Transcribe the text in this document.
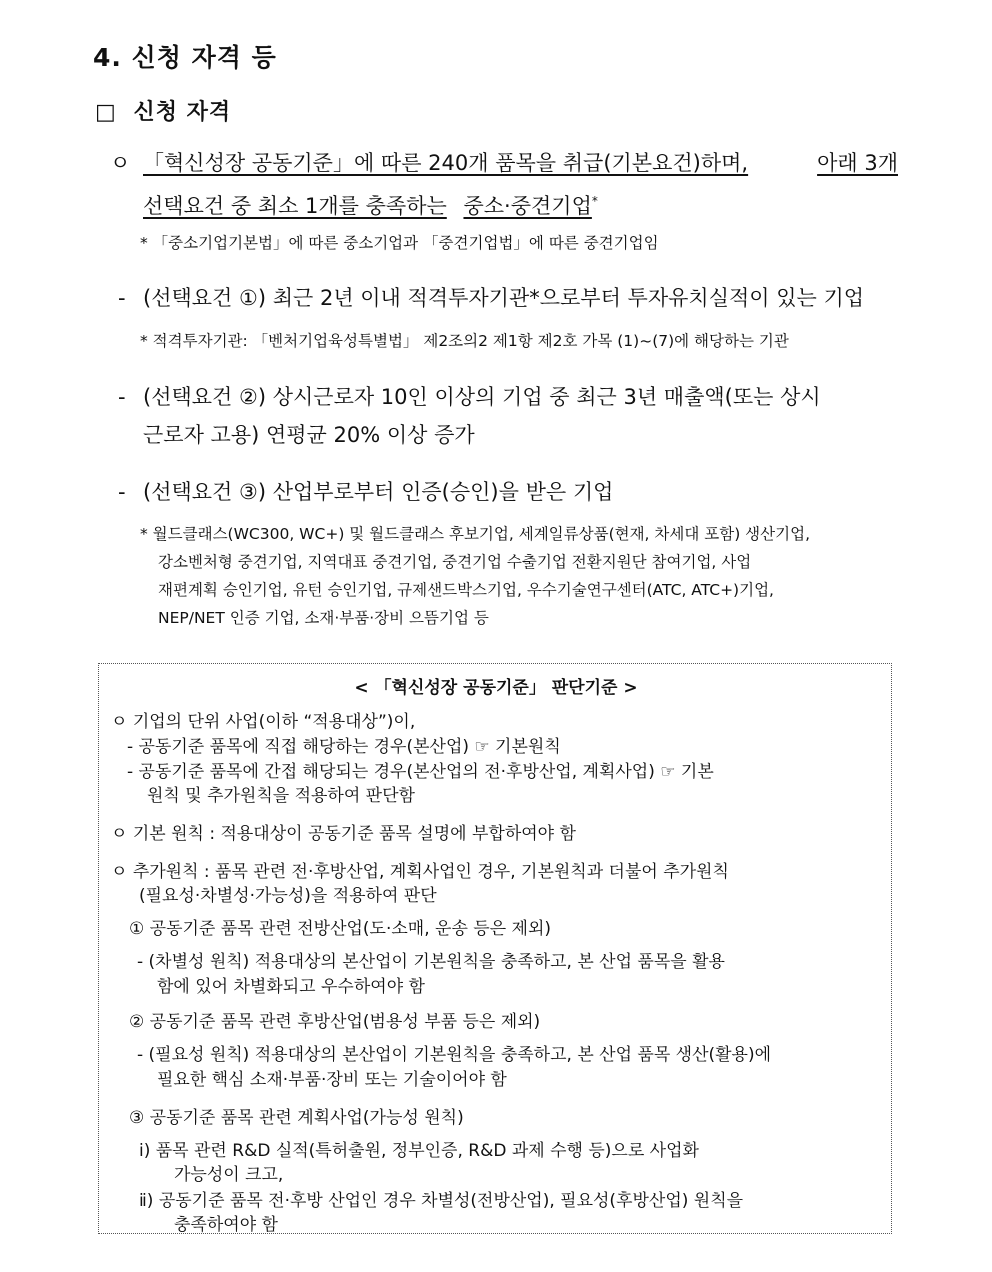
4. 신청 자격 등
□ 신청 자격
ㅇ 「혁신성장 공동기준」에 따른 240개 품목을 취급(기본요건)하며,	아래 3개
선택요건 중 최소 1개를 충족하는 중소·중견기업*
* 「중소기업기본법」에 따른 중소기업과 「중견기업법」에 따른 중견기업임
- (선택요건 ①) 최근 2년 이내 적격투자기관*으로부터 투자유치실적이 있는 기업
* 적격투자기관: 「벤처기업육성특별법」 제2조의2 제1항 제2호 가목 (1)~(7)에 해당하는 기관
- (선택요건 ②) 상시근로자 10인 이상의 기업 중 최근 3년 매출액(또는 상시
근로자 고용) 연평균 20% 이상 증가
- (선택요건 ③) 산업부로부터 인증(승인)을 받은 기업
* 월드클래스(WC300, WC+) 및 월드클래스 후보기업, 세계일류상품(현재, 차세대 포함) 생산기업,
강소벤처형 중견기업, 지역대표 중견기업, 중견기업 수출기업 전환지원단 참여기업, 사업
재편계획 승인기업, 유턴 승인기업, 규제샌드박스기업, 우수기술연구센터(ATC, ATC+)기업,
NEP/NET 인증 기업, 소재·부품·장비 으뜸기업 등
< 「혁신성장 공동기준」 판단기준 >
ㅇ 기업의 단위 사업(이하 “적용대상”)이,
- 공동기준 품목에 직접 해당하는 경우(본산업) ☞ 기본원칙
- 공동기준 품목에 간접 해당되는 경우(본산업의 전·후방산업, 계획사업) ☞ 기본
원칙 및 추가원칙을 적용하여 판단함
ㅇ 기본 원칙 : 적용대상이 공동기준 품목 설명에 부합하여야 함
ㅇ 추가원칙 : 품목 관련 전·후방산업, 계획사업인 경우, 기본원칙과 더불어 추가원칙
(필요성·차별성·가능성)을 적용하여 판단
① 공동기준 품목 관련 전방산업(도·소매, 운송 등은 제외)
- (차별성 원칙) 적용대상의 본산업이 기본원칙을 충족하고, 본 산업 품목을 활용
함에 있어 차별화되고 우수하여야 함
② 공동기준 품목 관련 후방산업(범용성 부품 등은 제외)
- (필요성 원칙) 적용대상의 본산업이 기본원칙을 충족하고, 본 산업 품목 생산(활용)에
필요한 핵심 소재·부품·장비 또는 기술이어야 함
③ 공동기준 품목 관련 계획사업(가능성 원칙)
ⅰ) 품목 관련 R&D 실적(특허출원, 정부인증, R&D 과제 수행 등)으로 사업화
가능성이 크고,
ⅱ) 공동기준 품목 전·후방 산업인 경우 차별성(전방산업), 필요성(후방산업) 원칙을
충족하여야 함
